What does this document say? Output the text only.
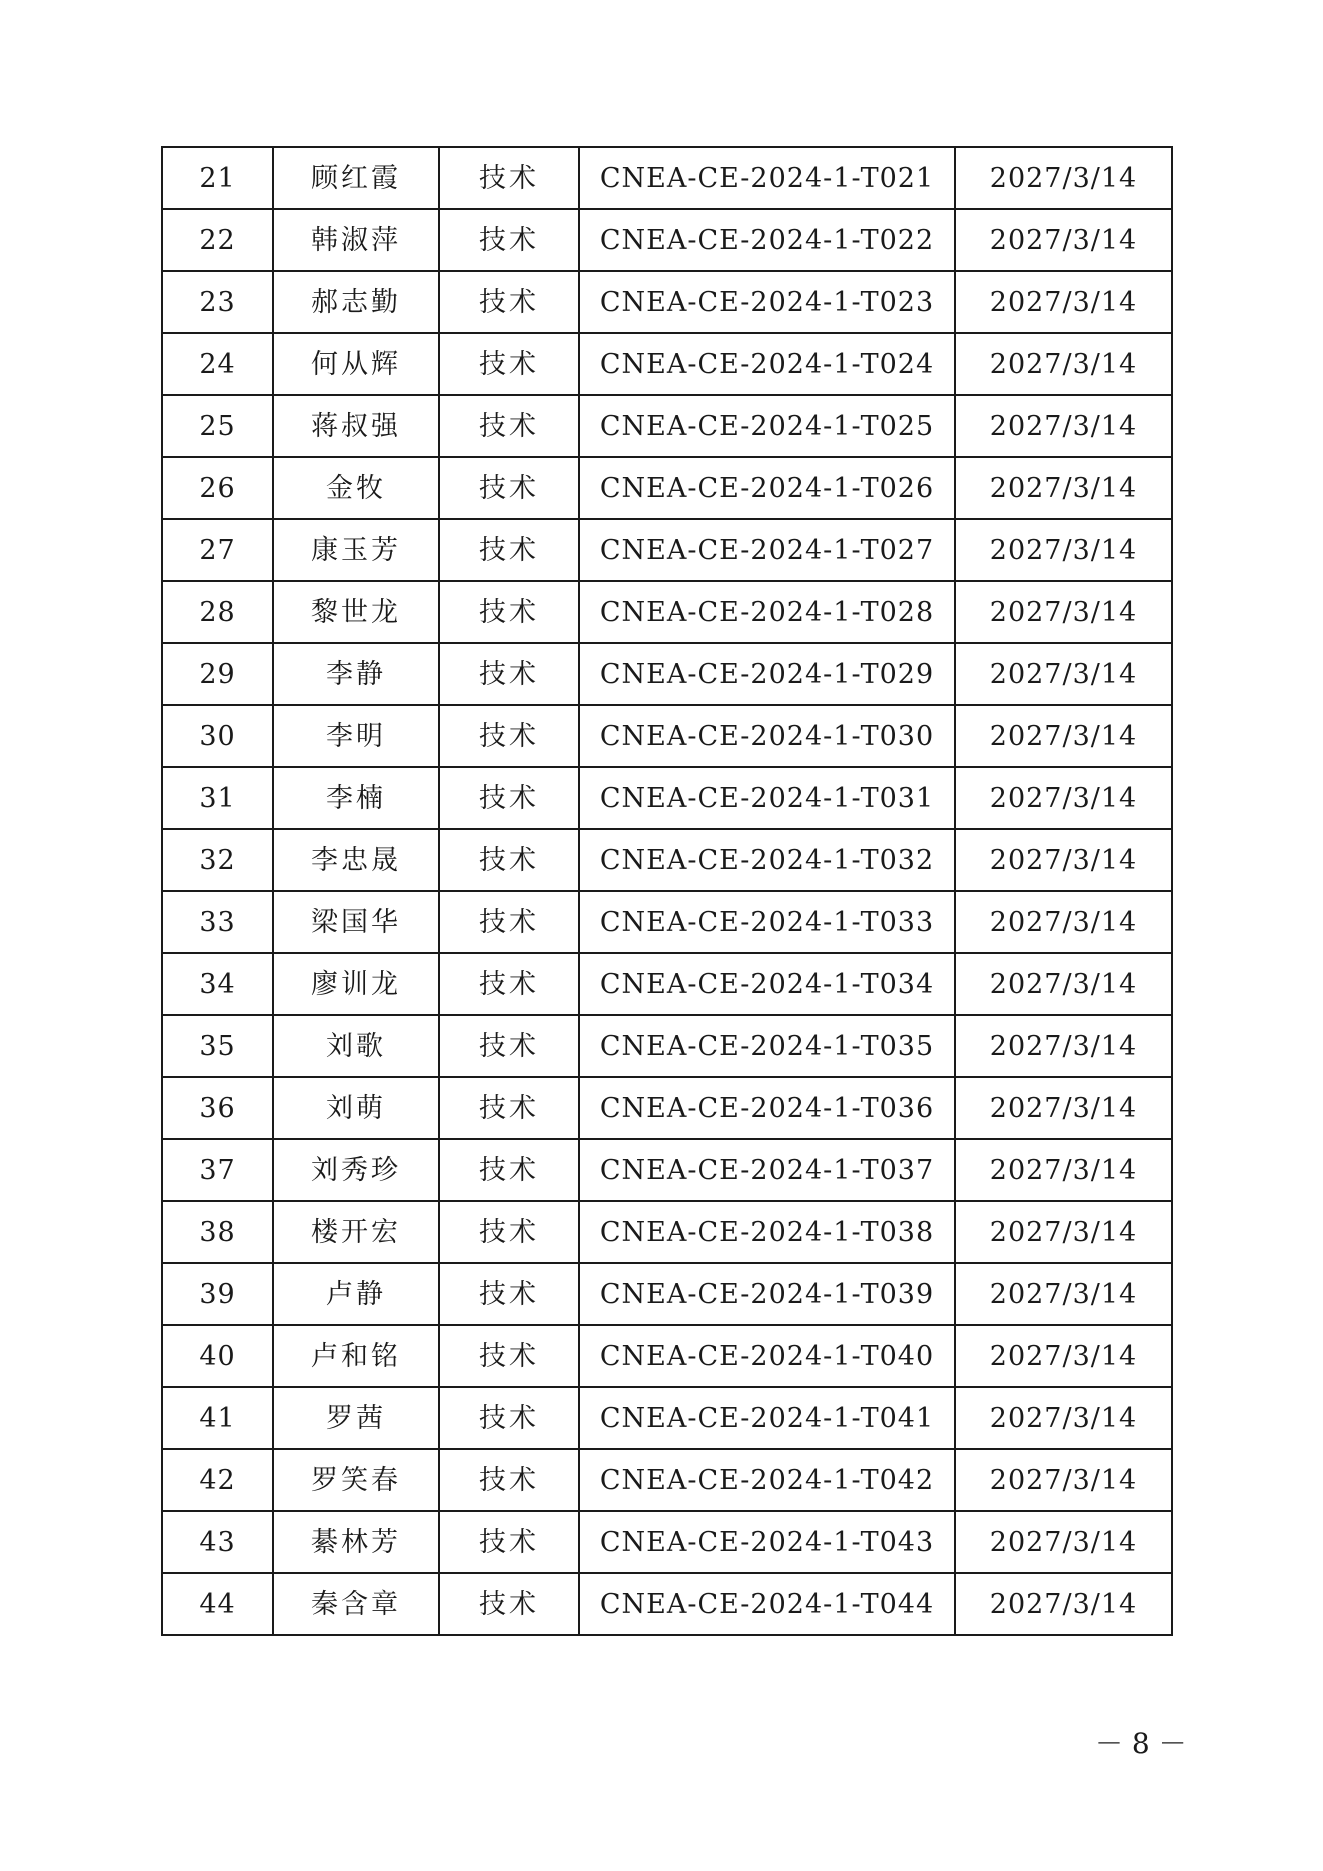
21	顾红霞	技术	CNEA-CE-2024-1-T021	2027/3/14
22	韩淑萍	技术	CNEA-CE-2024-1-T022	2027/3/14
23	郝志勤	技术	CNEA-CE-2024-1-T023	2027/3/14
24	何从辉	技术	CNEA-CE-2024-1-T024	2027/3/14
25	蒋叔强	技术	CNEA-CE-2024-1-T025	2027/3/14
26	金牧	技术	CNEA-CE-2024-1-T026	2027/3/14
27	康玉芳	技术	CNEA-CE-2024-1-T027	2027/3/14
28	黎世龙	技术	CNEA-CE-2024-1-T028	2027/3/14
29	李静	技术	CNEA-CE-2024-1-T029	2027/3/14
30	李明	技术	CNEA-CE-2024-1-T030	2027/3/14
31	李楠	技术	CNEA-CE-2024-1-T031	2027/3/14
32	李忠晟	技术	CNEA-CE-2024-1-T032	2027/3/14
33	梁国华	技术	CNEA-CE-2024-1-T033	2027/3/14
34	廖训龙	技术	CNEA-CE-2024-1-T034	2027/3/14
35	刘歌	技术	CNEA-CE-2024-1-T035	2027/3/14
36	刘萌	技术	CNEA-CE-2024-1-T036	2027/3/14
37	刘秀珍	技术	CNEA-CE-2024-1-T037	2027/3/14
38	楼开宏	技术	CNEA-CE-2024-1-T038	2027/3/14
39	卢静	技术	CNEA-CE-2024-1-T039	2027/3/14
40	卢和铭	技术	CNEA-CE-2024-1-T040	2027/3/14
41	罗茜	技术	CNEA-CE-2024-1-T041	2027/3/14
42	罗笑春	技术	CNEA-CE-2024-1-T042	2027/3/14
43	綦林芳	技术	CNEA-CE-2024-1-T043	2027/3/14
44	秦含章	技术	CNEA-CE-2024-1-T044	2027/3/14
－ 8 －
